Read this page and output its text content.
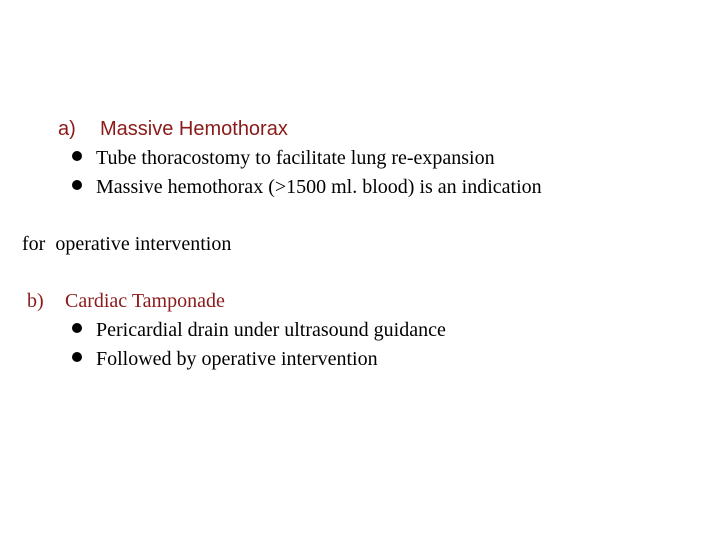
a) Massive Hemothorax
Tube thoracostomy to facilitate lung re-expansion
Massive hemothorax (>1500 ml. blood) is an indication
for  operative intervention
b) Cardiac Tamponade
Pericardial drain under ultrasound guidance
Followed by operative intervention
